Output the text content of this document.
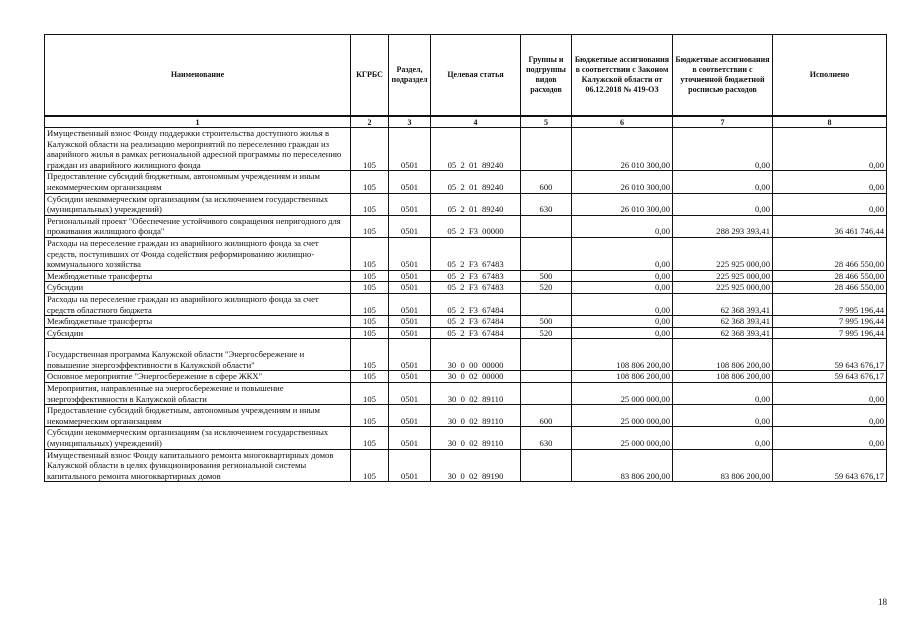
Наименование	КГРБС	Раздел, подраздел	Целевая статья	Группы и подгруппы видов расходов	Бюджетные ассигнования в соответствии с Законом Калужской области от 06.12.2018 № 419-ОЗ	Бюджетные ассигнования в соответствии с уточненной бюджетной росписью расходов	Исполнено
1	2	3	4	5	6	7	8
Имущественный взнос Фонду поддержки строительства доступного жилья в Калужской области на реализацию мероприятий по переселению граждан из аварийного жилья в рамках региональной адресной программы по переселению граждан из аварийного жилищного фонда	105	0501	05  2  01  89240		26 010 300,00	0,00	0,00
Предоставление субсидий бюджетным, автономным учреждениям и иным некоммерческим организациям	105	0501	05  2  01  89240	600	26 010 300,00	0,00	0,00
Субсидии некоммерческим организациям (за исключением государственных (муниципальных) учреждений)	105	0501	05  2  01  89240	630	26 010 300,00	0,00	0,00
Региональный проект "Обеспечение устойчивого сокращения непригодного для проживания жилищного фонда"	105	0501	05  2  F3  00000		0,00	288 293 393,41	36 461 746,44
Расходы на переселение граждан из аварийного жилищного фонда за счет средств, поступивших от Фонда содействия реформированию жилищно-коммунального хозяйства	105	0501	05  2  F3  67483		0,00	225 925 000,00	28 466 550,00
Межбюджетные трансферты	105	0501	05  2  F3  67483	500	0,00	225 925 000,00	28 466 550,00
Субсидии	105	0501	05  2  F3  67483	520	0,00	225 925 000,00	28 466 550,00
Расходы на переселение граждан из аварийного жилищного фонда за счет средств областного бюджета	105	0501	05  2  F3  67484		0,00	62 368 393,41	7 995 196,44
Межбюджетные трансферты	105	0501	05  2  F3  67484	500	0,00	62 368 393,41	7 995 196,44
Субсидии	105	0501	05  2  F3  67484	520	0,00	62 368 393,41	7 995 196,44
Государственная программа Калужской области "Энергосбережение и повышение энергоэффективности в Калужской области"	105	0501	30  0  00  00000		108 806 200,00	108 806 200,00	59 643 676,17
Основное мероприятие "Энергосбережение в сфере ЖКХ"	105	0501	30  0  02  00000		108 806 200,00	108 806 200,00	59 643 676,17
Мероприятия, направленные на энергосбережение и повышение энергоэффективности в Калужской области	105	0501	30  0  02  89110		25 000 000,00	0,00	0,00
Предоставление субсидий бюджетным, автономным учреждениям и иным некоммерческим организациям	105	0501	30  0  02  89110	600	25 000 000,00	0,00	0,00
Субсидии некоммерческим организациям (за исключением государственных (муниципальных) учреждений)	105	0501	30  0  02  89110	630	25 000 000,00	0,00	0,00
Имущественный взнос Фонду капитального ремонта многоквартирных домов Калужской области в целях функционирования региональной системы капитального ремонта многоквартирных домов	105	0501	30  0  02  89190		83 806 200,00	83 806 200,00	59 643 676,17
18
